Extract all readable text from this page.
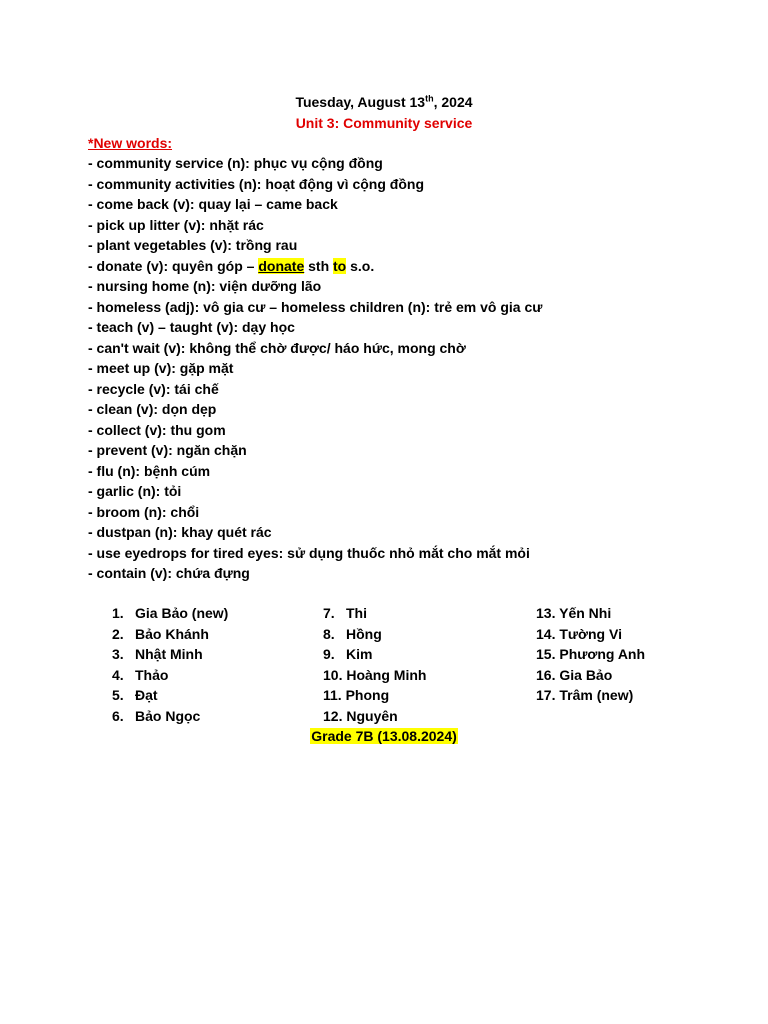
Tuesday, August 13th, 2024
Unit 3: Community service
*New words:
- community service (n): phục vụ cộng đồng
- community activities (n): hoạt động vì cộng đồng
- come back (v): quay lại – came back
- pick up litter (v): nhặt rác
- plant vegetables (v): trồng rau
- donate (v): quyên góp – donate sth to s.o.
- nursing home (n): viện dưỡng lão
- homeless (adj): vô gia cư – homeless children (n): trẻ em vô gia cư
- teach (v) – taught (v): dạy học
- can't wait (v): không thể chờ được/ háo hức, mong chờ
- meet up (v): gặp mặt
- recycle (v): tái chế
- clean (v): dọn dẹp
- collect (v): thu gom
- prevent (v): ngăn chặn
- flu (n): bệnh cúm
- garlic (n): tỏi
- broom (n): chổi
- dustpan (n): khay quét rác
- use eyedrops for tired eyes: sử dụng thuốc nhỏ mắt cho mắt mỏi
- contain (v): chứa đựng
1. Gia Bảo (new)
2. Bảo Khánh
3. Nhật Minh
4. Thảo
5. Đạt
6. Bảo Ngọc
7. Thi
8. Hồng
9. Kim
10. Hoàng Minh
11. Phong
12. Nguyên
13. Yến Nhi
14. Tường Vi
15. Phương Anh
16. Gia Bảo
17. Trâm (new)
Grade 7B (13.08.2024)
